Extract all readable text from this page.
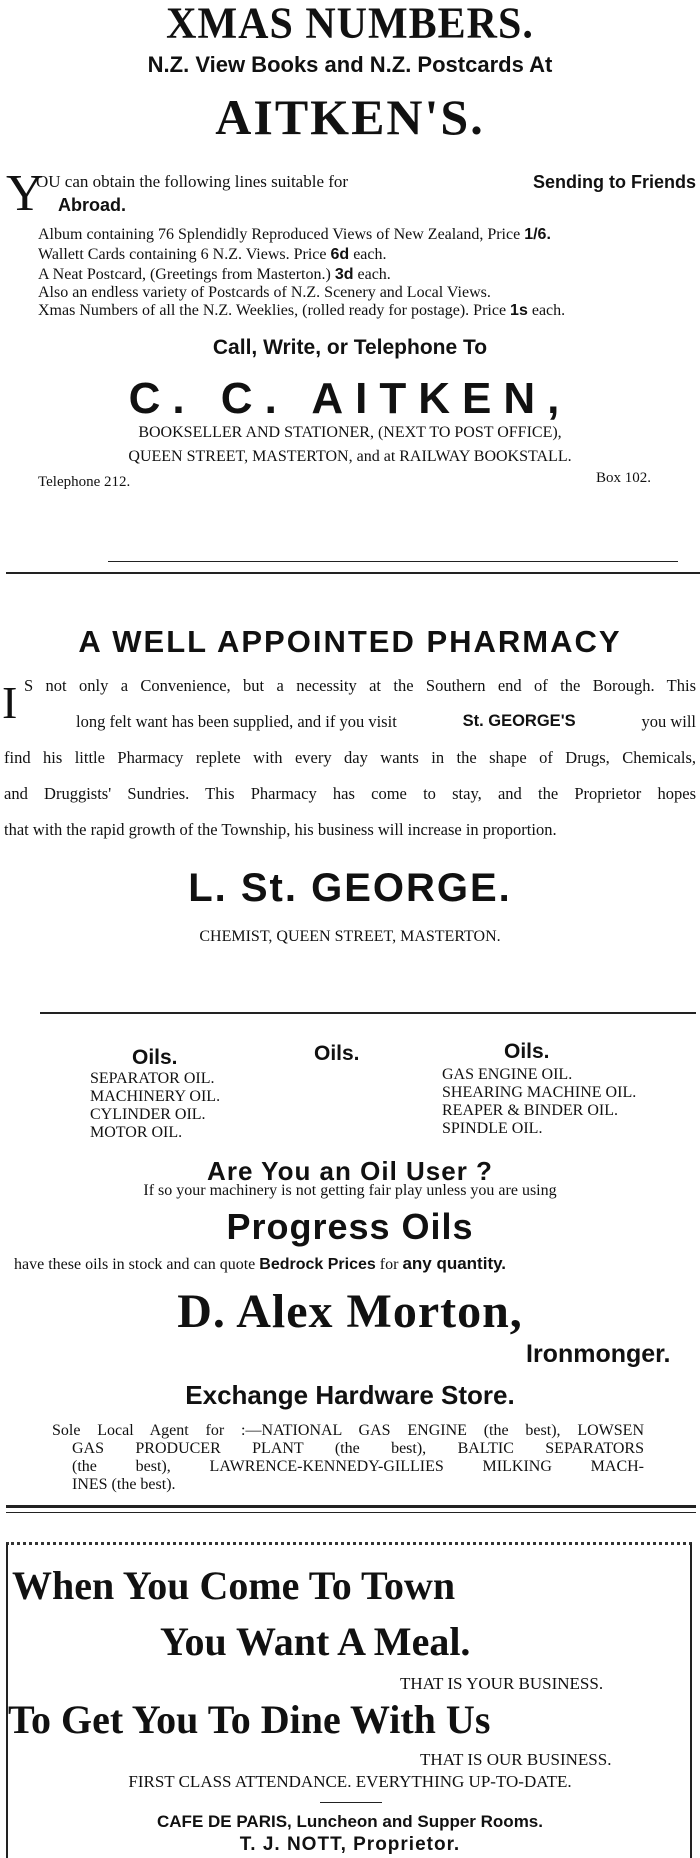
XMAS NUMBERS.
N.Z. View Books and N.Z. Postcards At
AITKEN'S.
Y
OU can obtain the following lines suitable for	Sending to Friends
Abroad.
Album containing 76 Splendidly Reproduced Views of New Zealand, Price 1/6.
Wallett Cards containing 6 N.Z. Views. Price 6d each.
A Neat Postcard, (Greetings from Masterton.) 3d each.
Also an endless variety of Postcards of N.Z. Scenery and Local Views.
Xmas Numbers of all the N.Z. Weeklies, (rolled ready for postage). Price 1s each.
Call, Write, or Telephone To
C. C. AITKEN,
BOOKSELLER AND STATIONER, (NEXT TO POST OFFICE),
QUEEN STREET, MASTERTON, and at RAILWAY BOOKSTALL.
Telephone 212.	Box 102.
A WELL APPOINTED PHARMACY
I S not only a Convenience, but a necessity at the Southern end of the Borough. This
long felt want has been supplied, and if you visit	St. GEORGE'S	you will
find his little Pharmacy replete with every day wants in the shape of Drugs, Chemicals,
and Druggists' Sundries. This Pharmacy has come to stay, and the Proprietor hopes
that with the rapid growth of the Township, his business will increase in proportion.
L. St. GEORGE.
CHEMIST, QUEEN STREET, MASTERTON.
Oils.	Oils.	Oils.
SEPARATOR OIL.
MACHINERY OIL.
CYLINDER OIL.
MOTOR OIL.
GAS ENGINE OIL.
SHEARING MACHINE OIL.
REAPER & BINDER OIL.
SPINDLE OIL.
Are You an Oil User ?
If so your machinery is not getting fair play unless you are using
Progress Oils
have these oils in stock and can quote Bedrock Prices for any quantity.
D. Alex Morton,
Ironmonger.
Exchange Hardware Store.
Sole Local Agent for :—NATIONAL GAS ENGINE (the best), LOWSEN
GAS PRODUCER PLANT (the best), BALTIC SEPARATORS
(the best), LAWRENCE-KENNEDY-GILLIES MILKING MACH-
INES (the best).
When You Come To Town
You Want A Meal.
THAT IS YOUR BUSINESS.
To Get You To Dine With Us
THAT IS OUR BUSINESS.
FIRST CLASS ATTENDANCE. EVERYTHING UP-TO-DATE.
CAFE DE PARIS, Luncheon and Supper Rooms.
T. J. NOTT, Proprietor.
